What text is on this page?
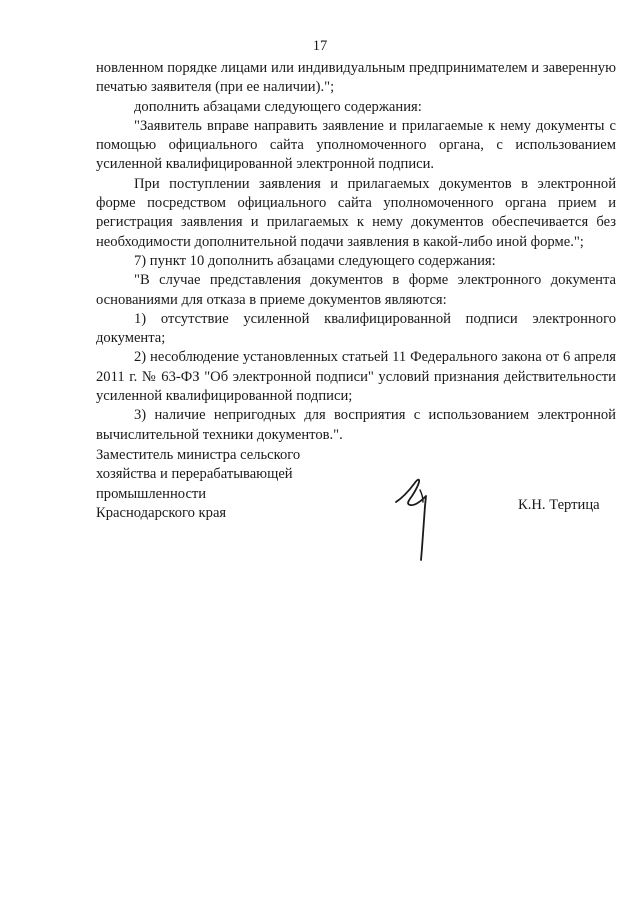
17

новленном порядке лицами или индивидуальным предпринимателем и заверенную печатью заявителя (при ее наличии).";

дополнить абзацами следующего содержания:

"Заявитель вправе направить заявление и прилагаемые к нему документы с помощью официального сайта уполномоченного органа, с использованием усиленной квалифицированной электронной подписи.

При поступлении заявления и прилагаемых документов в электронной форме посредством официального сайта уполномоченного органа прием и регистрация заявления и прилагаемых к нему документов обеспечивается без необходимости дополнительной подачи заявления в какой-либо иной форме.";

7) пункт 10 дополнить абзацами следующего содержания:

"В случае представления документов в форме электронного документа основаниями для отказа в приеме документов являются:

1) отсутствие усиленной квалифицированной подписи электронного документа;

2) несоблюдение установленных статьей 11 Федерального закона от 6 апреля 2011 г. № 63-ФЗ "Об электронной подписи" условий признания действительности усиленной квалифицированной подписи;

3) наличие непригодных для восприятия с использованием электронной вычислительной техники документов.".

Заместитель министра сельского
хозяйства и перерабатывающей
промышленности
Краснодарского края	К.Н. Тертица
